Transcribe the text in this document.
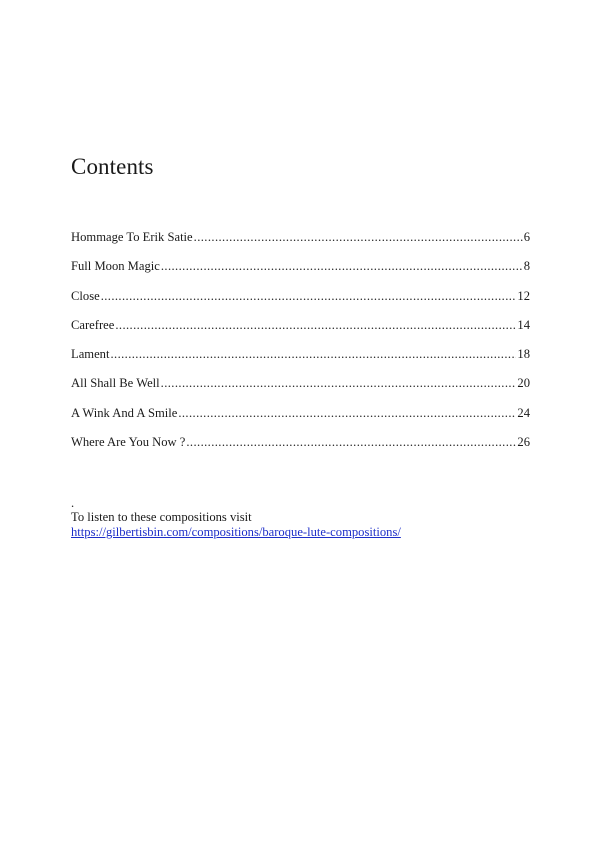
Contents
Hommage To Erik Satie .....	6
Full Moon Magic .....	8
Close .....	12
Carefree .....	14
Lament .....	18
All Shall Be Well .....	20
A Wink And A Smile .....	24
Where Are You Now ? .....	26
.
To listen to these compositions visit
https://gilbertisbin.com/compositions/baroque-lute-compositions/
